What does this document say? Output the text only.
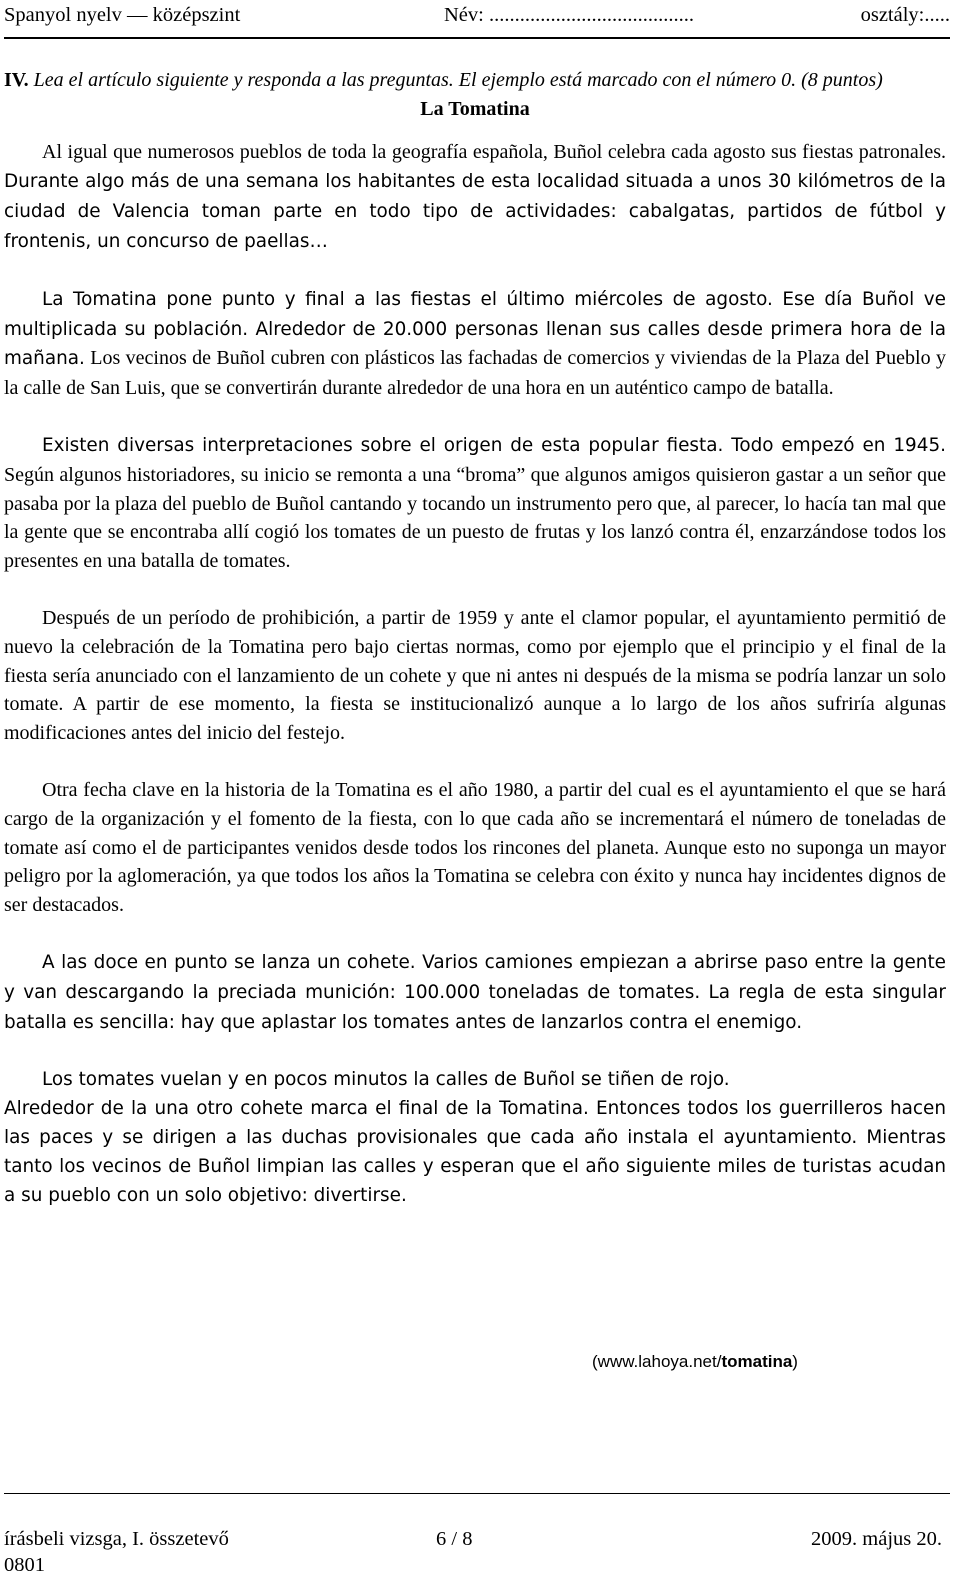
Spanyol nyelv — középszint	Név: ........................................	osztály:.....

IV. Lea el artículo siguiente y responda a las preguntas. El ejemplo está marcado con el número 0. (8 puntos)

La Tomatina

Al igual que numerosos pueblos de toda la geografía española, Buñol celebra cada agosto sus fiestas patronales. Durante algo más de una semana los habitantes de esta localidad situada a unos 30 kilómetros de la ciudad de Valencia toman parte en todo tipo de actividades: cabalgatas, partidos de fútbol y frontenis, un concurso de paellas…

La Tomatina pone punto y final a las fiestas el último miércoles de agosto. Ese día Buñol ve multiplicada su población. Alrededor de 20.000 personas llenan sus calles desde primera hora de la mañana. Los vecinos de Buñol cubren con plásticos las fachadas de comercios y viviendas de la Plaza del Pueblo y la calle de San Luis, que se convertirán durante alrededor de una hora en un auténtico campo de batalla.

Existen diversas interpretaciones sobre el origen de esta popular fiesta. Todo empezó en 1945. Según algunos historiadores, su inicio se remonta a una “broma” que algunos amigos quisieron gastar a un señor que pasaba por la plaza del pueblo de Buñol cantando y tocando un instrumento pero que, al parecer, lo hacía tan mal que la gente que se encontraba allí cogió los tomates de un puesto de frutas y los lanzó contra él, enzarzándose todos los presentes en una batalla de tomates.

Después de un período de prohibición, a partir de 1959 y ante el clamor popular, el ayuntamiento permitió de nuevo la celebración de la Tomatina pero bajo ciertas normas, como por ejemplo que el principio y el final de la fiesta sería anunciado con el lanzamiento de un cohete y que ni antes ni después de la misma se podría lanzar un solo tomate. A partir de ese momento, la fiesta se institucionalizó aunque a lo largo de los años sufriría algunas modificaciones antes del inicio del festejo.

Otra fecha clave en la historia de la Tomatina es el año 1980, a partir del cual es el ayuntamiento el que se hará cargo de la organización y el fomento de la fiesta, con lo que cada año se incrementará el número de toneladas de tomate así como el de participantes venidos desde todos los rincones del planeta. Aunque esto no suponga un mayor peligro por la aglomeración, ya que todos los años la Tomatina se celebra con éxito y nunca hay incidentes dignos de ser destacados.

A las doce en punto se lanza un cohete. Varios camiones empiezan a abrirse paso entre la gente y van descargando la preciada munición: 100.000 toneladas de tomates. La regla de esta singular batalla es sencilla: hay que aplastar los tomates antes de lanzarlos contra el enemigo.

Los tomates vuelan y en pocos minutos la calles de Buñol se tiñen de rojo.

Alrededor de la una otro cohete marca el final de la Tomatina. Entonces todos los guerrilleros hacen las paces y se dirigen a las duchas provisionales que cada año instala el ayuntamiento. Mientras tanto los vecinos de Buñol limpian las calles y esperan que el año siguiente miles de turistas acudan a su pueblo con un solo objetivo: divertirse.

(www.lahoya.net/tomatina)
írásbeli vizsga, I. összetevő	6 / 8	2009. május 20.
0801
